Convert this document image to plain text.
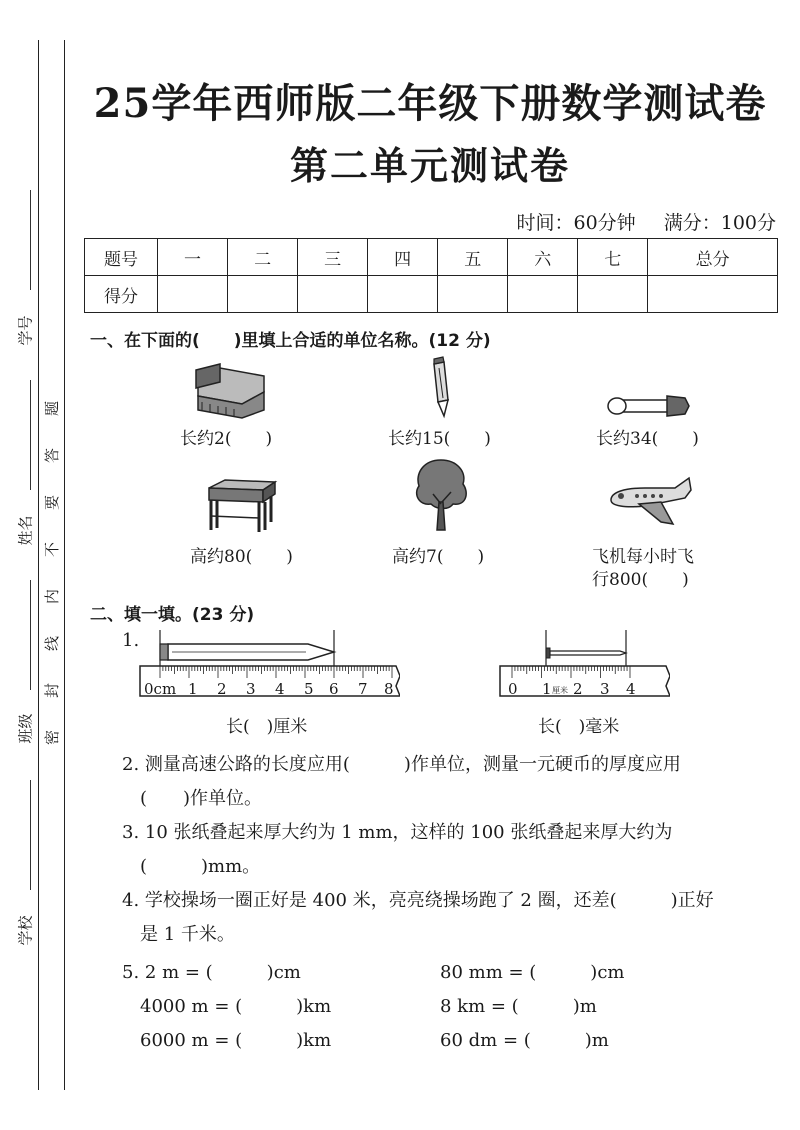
学号
姓名
班级
学校
题
答
要
不
内
线
封
密
25学年西师版二年级下册数学测试卷
第二单元测试卷
时间：60分钟 满分：100分
题号	一	二	三	四	五	六	七	总分
得分								
一、在下面的(　　)里填上合适的单位名称。(12 分)
长约2(　　)	长约15(　　)	长约34(　　)
高约80(　　)	高约7(　　)	飞机每小时飞
行800(　　)
二、填一填。(23 分)
1.
0cm 1 2 3 4 5 6 7 8
长(　)厘米
0 1 厘米 2 3 4
长(　)毫米
2. 测量高速公路的长度应用(　　　)作单位，测量一元硬币的厚度应用
(　　)作单位。
3. 10 张纸叠起来厚大约为 1 mm，这样的 100 张纸叠起来厚大约为
(　　　)mm。
4. 学校操场一圈正好是 400 米，亮亮绕操场跑了 2 圈，还差(　　　)正好
是 1 千米。
5. 2 m = (　　　)cm	80 mm = (　　　)cm
4000 m = (　　　)km	8 km = (　　　)m
6000 m = (　　　)km	60 dm = (　　　)m
